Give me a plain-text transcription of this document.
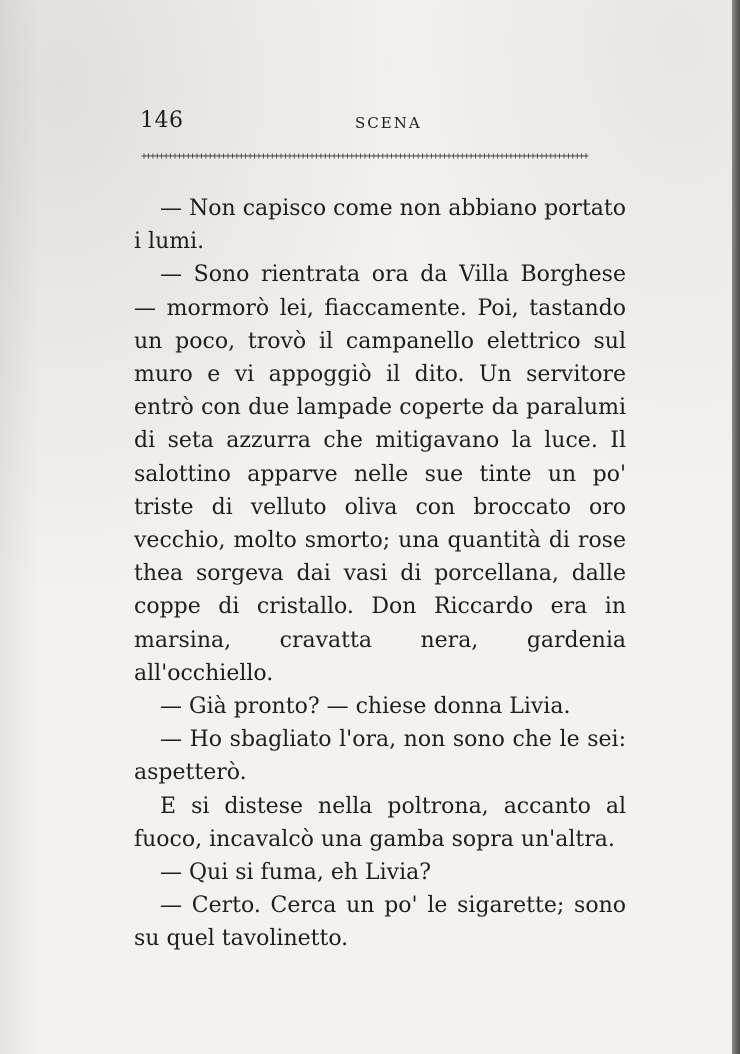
146	SCENA
+++++++++++++++++++++++++++++++++++++++++++++++++++++++++++++++++++++++++++++++++++++++++++++++++++++

— Non capisco come non abbiano portato i lumi.

— Sono rientrata ora da Villa Borghese — mormorò lei, fiaccamente. Poi, tastando un poco, trovò il campanello elettrico sul muro e vi appoggiò il dito. Un servitore entrò con due lampade coperte da paralumi di seta azzurra che mitigavano la luce. Il salottino apparve nelle sue tinte un po' triste di velluto oliva con broccato oro vecchio, molto smorto; una quantità di rose thea sorgeva dai vasi di porcellana, dalle coppe di cristallo. Don Riccardo era in marsina, cravatta nera, gardenia all'occhiello.

— Già pronto? — chiese donna Livia.

— Ho sbagliato l'ora, non sono che le sei: aspetterò.

E si distese nella poltrona, accanto al fuoco, incavalcò una gamba sopra un'altra.

— Qui si fuma, eh Livia?

— Certo. Cerca un po' le sigarette; sono su quel tavolinetto.
